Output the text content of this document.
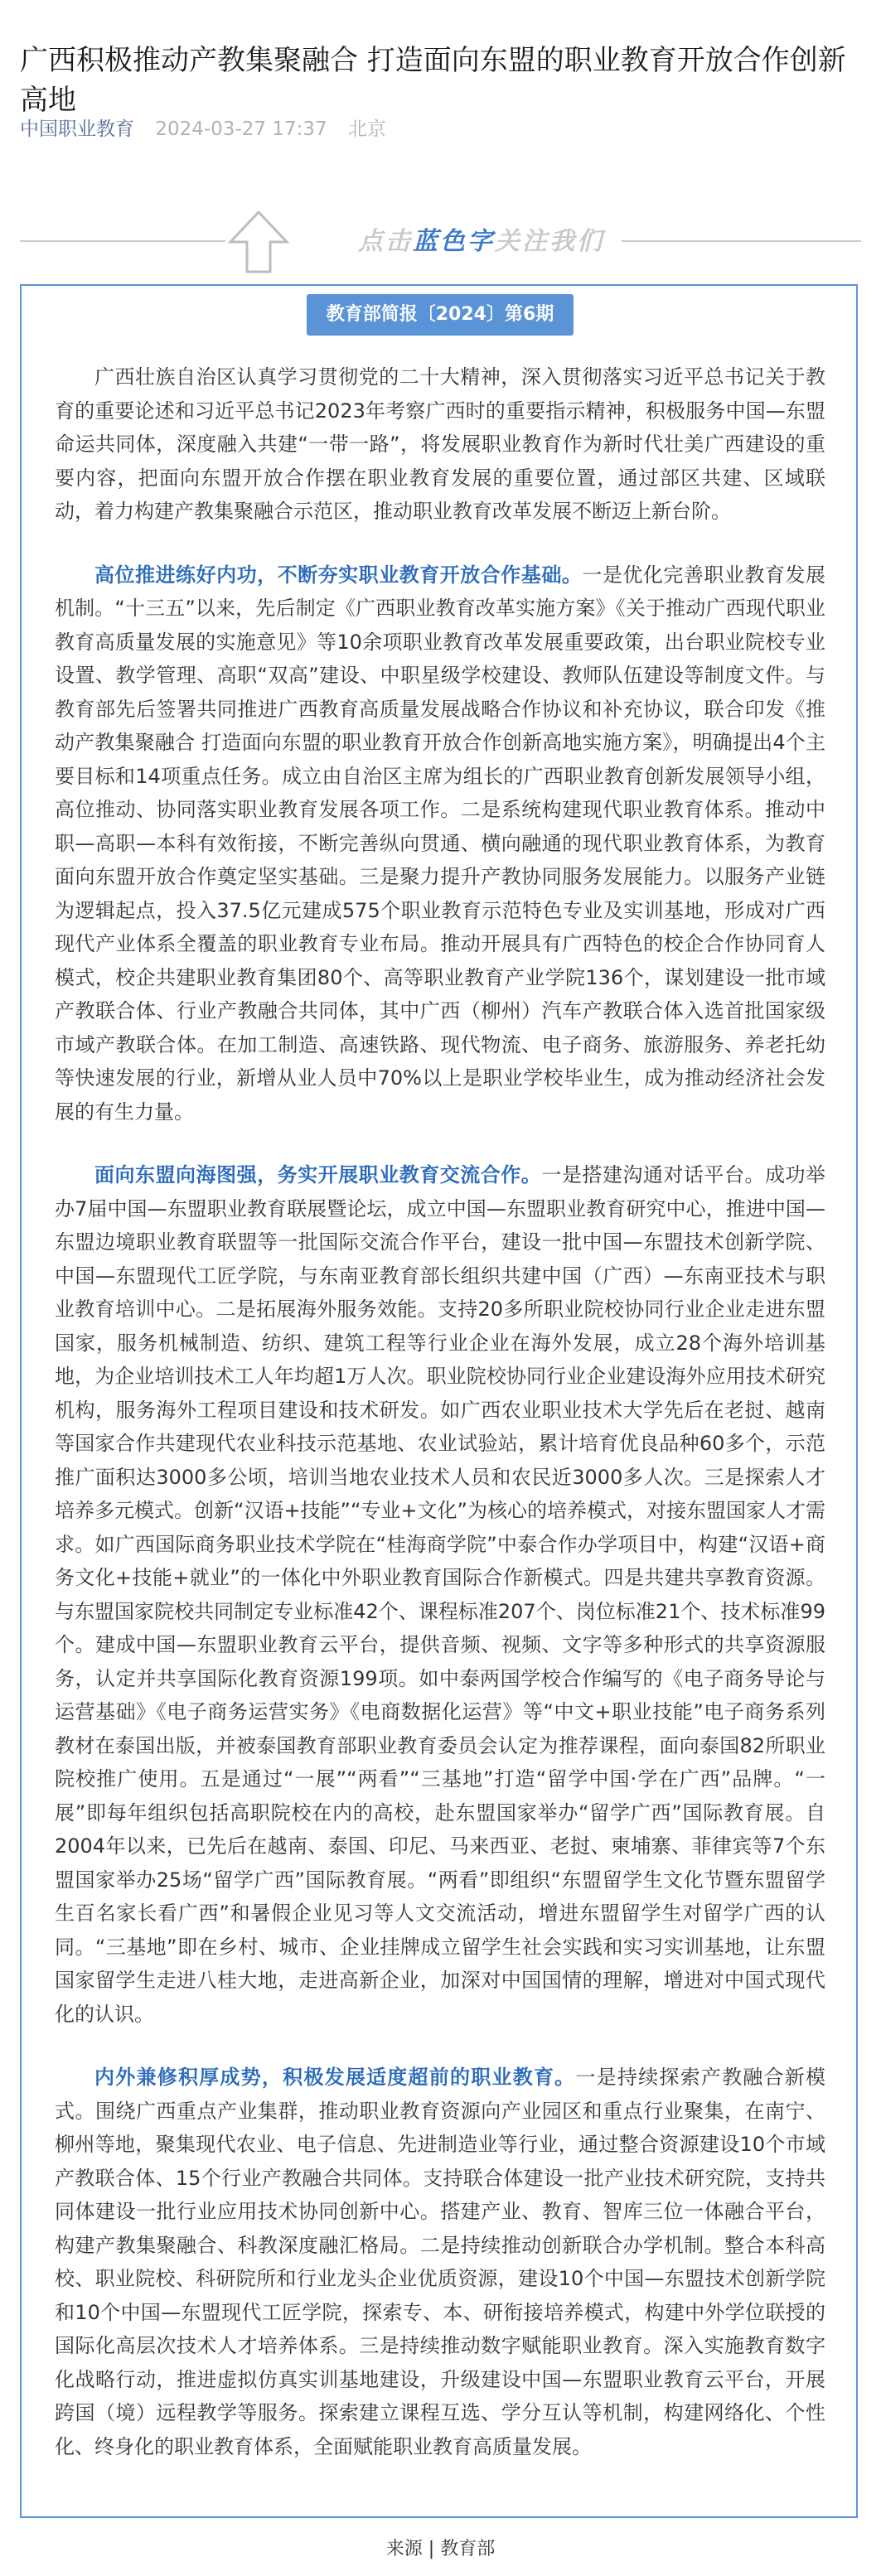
广西积极推动产教集聚融合 打造面向东盟的职业教育开放合作创新高地
中国职业教育 2024-03-27 17:37 北京
点击蓝色字关注我们
教育部简报〔2024〕第6期

广西壮族自治区认真学习贯彻党的二十大精神，深入贯彻落实习近平总书记关于教育的重要论述和习近平总书记2023年考察广西时的重要指示精神，积极服务中国—东盟命运共同体，深度融入共建“一带一路”，将发展职业教育作为新时代壮美广西建设的重要内容，把面向东盟开放合作摆在职业教育发展的重要位置，通过部区共建、区域联动，着力构建产教集聚融合示范区，推动职业教育改革发展不断迈上新台阶。

高位推进练好内功，不断夯实职业教育开放合作基础。一是优化完善职业教育发展机制。“十三五”以来，先后制定《广西职业教育改革实施方案》《关于推动广西现代职业教育高质量发展的实施意见》等10余项职业教育改革发展重要政策，出台职业院校专业设置、教学管理、高职“双高”建设、中职星级学校建设、教师队伍建设等制度文件。与教育部先后签署共同推进广西教育高质量发展战略合作协议和补充协议，联合印发《推动产教集聚融合 打造面向东盟的职业教育开放合作创新高地实施方案》，明确提出4个主要目标和14项重点任务。成立由自治区主席为组长的广西职业教育创新发展领导小组，高位推动、协同落实职业教育发展各项工作。二是系统构建现代职业教育体系。推动中职—高职—本科有效衔接，不断完善纵向贯通、横向融通的现代职业教育体系，为教育面向东盟开放合作奠定坚实基础。三是聚力提升产教协同服务发展能力。以服务产业链为逻辑起点，投入37.5亿元建成575个职业教育示范特色专业及实训基地，形成对广西现代产业体系全覆盖的职业教育专业布局。推动开展具有广西特色的校企合作协同育人模式，校企共建职业教育集团80个、高等职业教育产业学院136个，谋划建设一批市域产教联合体、行业产教融合共同体，其中广西（柳州）汽车产教联合体入选首批国家级市域产教联合体。在加工制造、高速铁路、现代物流、电子商务、旅游服务、养老托幼等快速发展的行业，新增从业人员中70%以上是职业学校毕业生，成为推动经济社会发展的有生力量。

面向东盟向海图强，务实开展职业教育交流合作。一是搭建沟通对话平台。成功举办7届中国—东盟职业教育联展暨论坛，成立中国—东盟职业教育研究中心，推进中国—东盟边境职业教育联盟等一批国际交流合作平台，建设一批中国—东盟技术创新学院、中国—东盟现代工匠学院，与东南亚教育部长组织共建中国（广西）—东南亚技术与职业教育培训中心。二是拓展海外服务效能。支持20多所职业院校协同行业企业走进东盟国家，服务机械制造、纺织、建筑工程等行业企业在海外发展，成立28个海外培训基地，为企业培训技术工人年均超1万人次。职业院校协同行业企业建设海外应用技术研究机构，服务海外工程项目建设和技术研发。如广西农业职业技术大学先后在老挝、越南等国家合作共建现代农业科技示范基地、农业试验站，累计培育优良品种60多个，示范推广面积达3000多公顷，培训当地农业技术人员和农民近3000多人次。三是探索人才培养多元模式。创新“汉语+技能”“专业+文化”为核心的培养模式，对接东盟国家人才需求。如广西国际商务职业技术学院在“桂海商学院”中泰合作办学项目中，构建“汉语+商务文化+技能+就业”的一体化中外职业教育国际合作新模式。四是共建共享教育资源。与东盟国家院校共同制定专业标准42个、课程标准207个、岗位标准21个、技术标准99个。建成中国—东盟职业教育云平台，提供音频、视频、文字等多种形式的共享资源服务，认定并共享国际化教育资源199项。如中泰两国学校合作编写的《电子商务导论与运营基础》《电子商务运营实务》《电商数据化运营》等“中文+职业技能”电子商务系列教材在泰国出版，并被泰国教育部职业教育委员会认定为推荐课程，面向泰国82所职业院校推广使用。五是通过“一展”“两看”“三基地”打造“留学中国·学在广西”品牌。“一展”即每年组织包括高职院校在内的高校，赴东盟国家举办“留学广西”国际教育展。自2004年以来，已先后在越南、泰国、印尼、马来西亚、老挝、柬埔寨、菲律宾等7个东盟国家举办25场“留学广西”国际教育展。“两看”即组织“东盟留学生文化节暨东盟留学生百名家长看广西”和暑假企业见习等人文交流活动，增进东盟留学生对留学广西的认同。“三基地”即在乡村、城市、企业挂牌成立留学生社会实践和实习实训基地，让东盟国家留学生走进八桂大地，走进高新企业，加深对中国国情的理解，增进对中国式现代化的认识。

内外兼修积厚成势，积极发展适度超前的职业教育。一是持续探索产教融合新模式。围绕广西重点产业集群，推动职业教育资源向产业园区和重点行业聚集，在南宁、柳州等地，聚集现代农业、电子信息、先进制造业等行业，通过整合资源建设10个市域产教联合体、15个行业产教融合共同体。支持联合体建设一批产业技术研究院，支持共同体建设一批行业应用技术协同创新中心。搭建产业、教育、智库三位一体融合平台，构建产教集聚融合、科教深度融汇格局。二是持续推动创新联合办学机制。整合本科高校、职业院校、科研院所和行业龙头企业优质资源，建设10个中国—东盟技术创新学院和10个中国—东盟现代工匠学院，探索专、本、研衔接培养模式，构建中外学位联授的国际化高层次技术人才培养体系。三是持续推动数字赋能职业教育。深入实施教育数字化战略行动，推进虚拟仿真实训基地建设，升级建设中国—东盟职业教育云平台，开展跨国（境）远程教学等服务。探索建立课程互选、学分互认等机制，构建网络化、个性化、终身化的职业教育体系，全面赋能职业教育高质量发展。

来源 | 教育部
